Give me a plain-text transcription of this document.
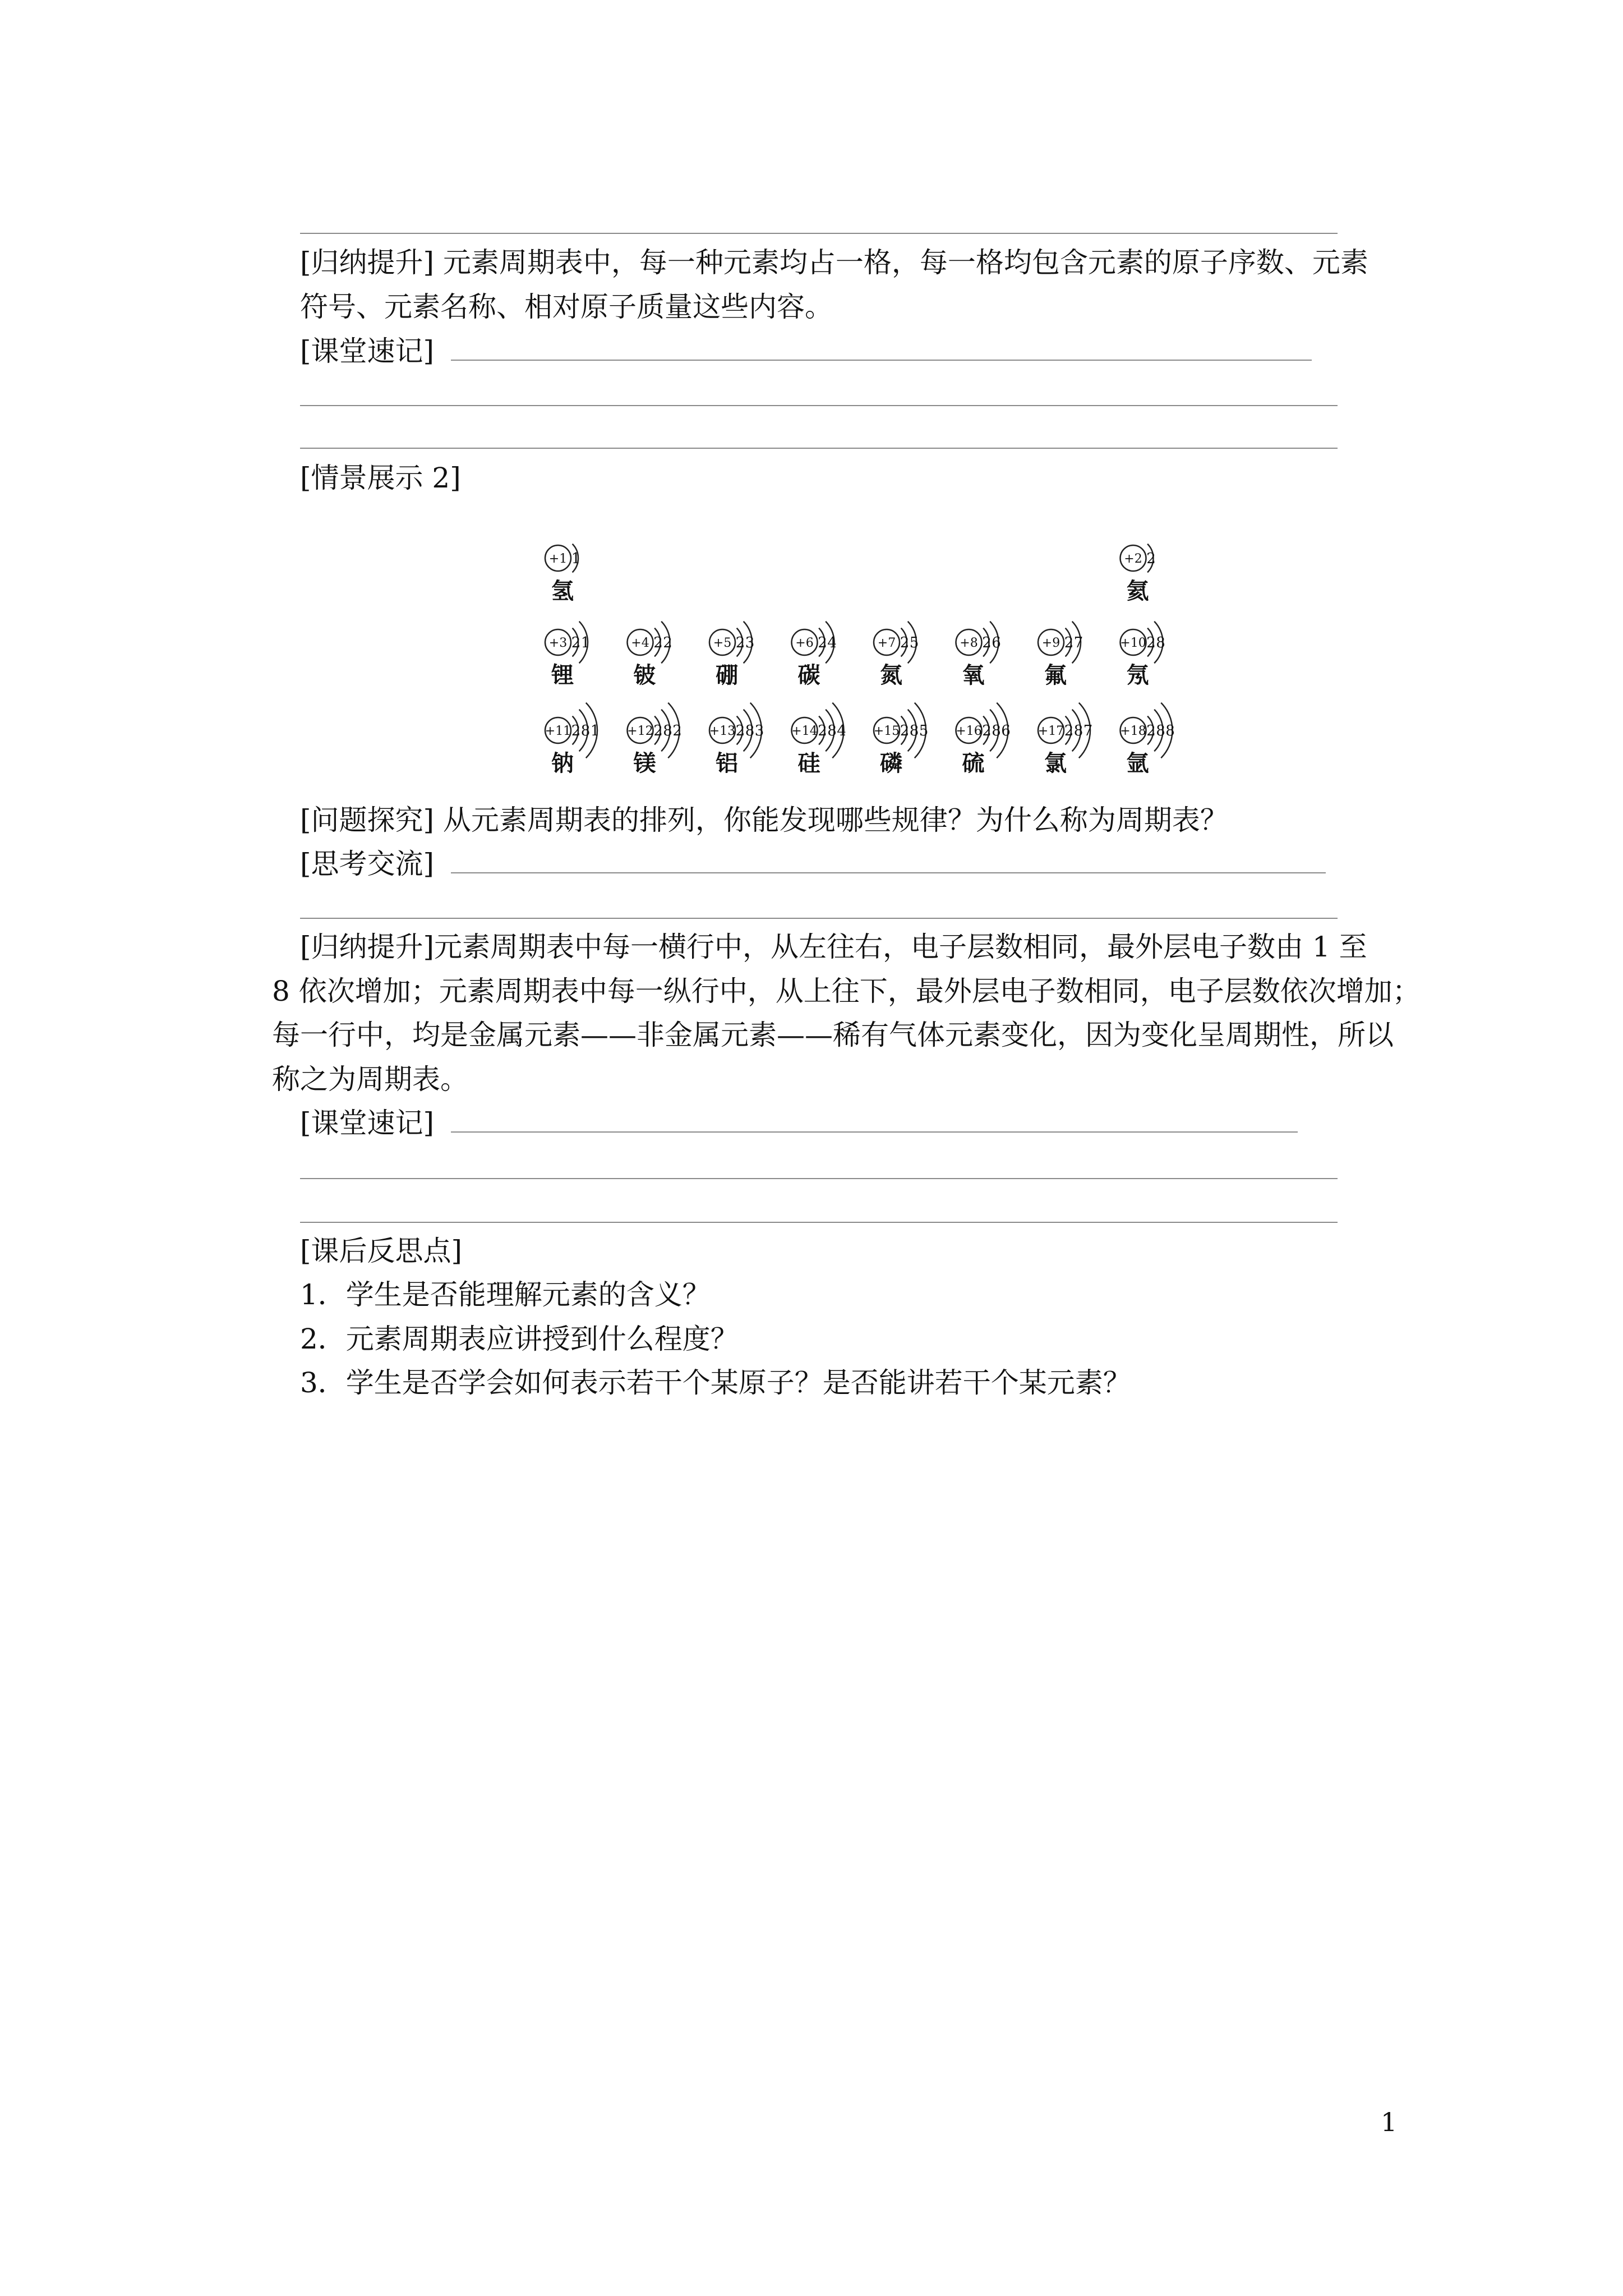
[归纳提升] 元素周期表中，每一种元素均占一格，每一格均包含元素的原子序数、元素
符号、元素名称、相对原子质量这些内容。
[课堂速记]
[情景展示 2]
+1 1
氢
+2 2
氦
+3 2 1
锂
+4 2 2
铍
+5 2 3
硼
+6 2 4
碳
+7 2 5
氮
+8 2 6
氧
+9 2 7
氟
+10 2 8
氖
+11 2 8 1
钠
+12 2 8 2
镁
+13 2 8 3
铝
+14 2 8 4
硅
+15 2 8 5
磷
+16 2 8 6
硫
+17 2 8 7
氯
+18 2 8 8
氩
[问题探究] 从元素周期表的排列，你能发现哪些规律？为什么称为周期表？
[思考交流]
[归纳提升]元素周期表中每一横行中，从左往右，电子层数相同，最外层电子数由 1 至
8 依次增加；元素周期表中每一纵行中，从上往下，最外层电子数相同，电子层数依次增加；
每一行中，均是金属元素——非金属元素——稀有气体元素变化，因为变化呈周期性，所以
称之为周期表。
[课堂速记]
[课后反思点]
1．学生是否能理解元素的含义？
2．元素周期表应讲授到什么程度？
3．学生是否学会如何表示若干个某原子？是否能讲若干个某元素？
1
